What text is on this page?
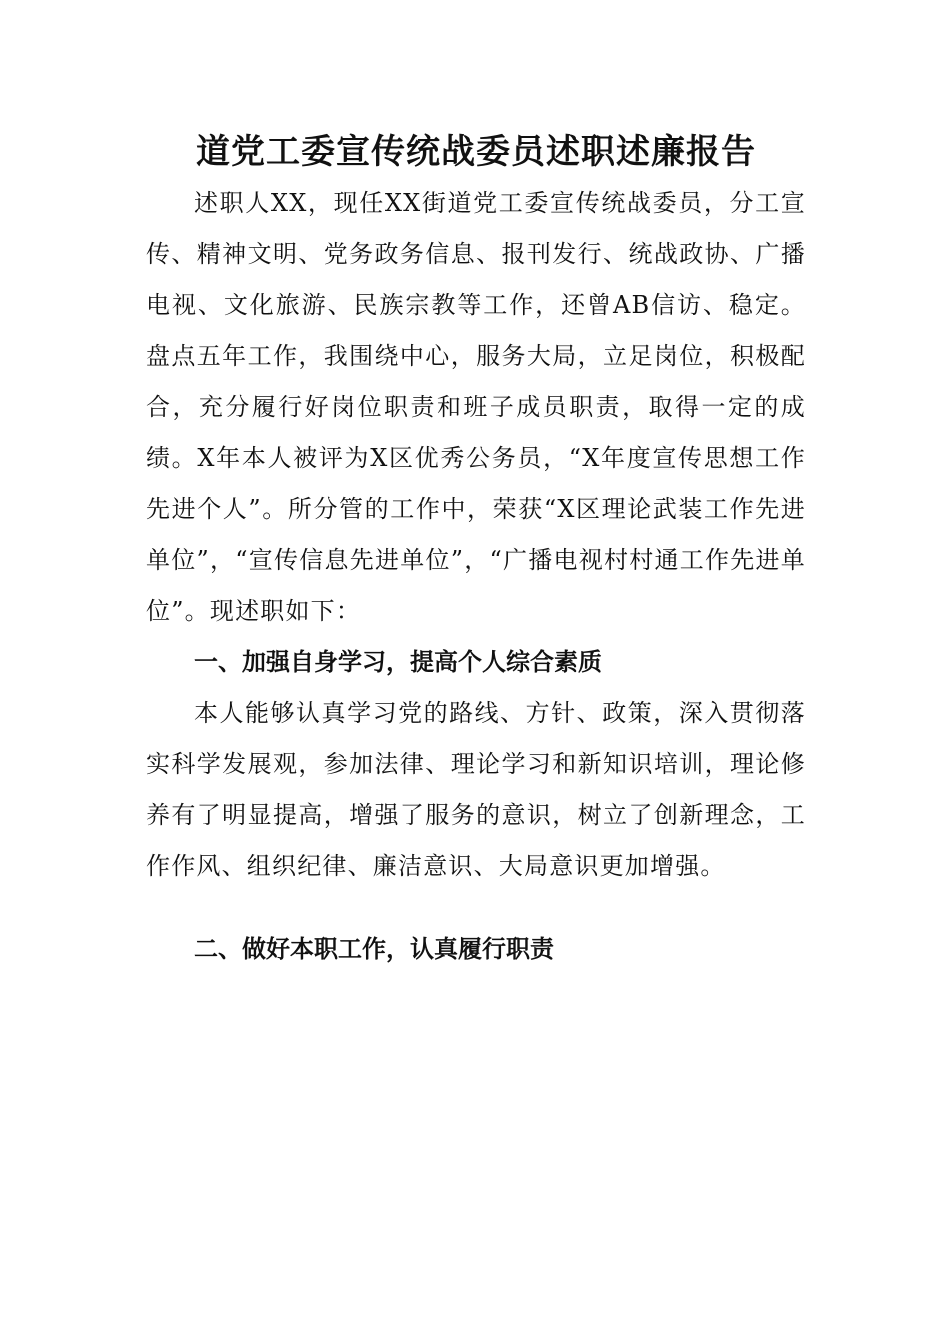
道党工委宣传统战委员述职述廉报告

述职人XX，现任XX街道党工委宣传统战委员，分工宣传、精神文明、党务政务信息、报刊发行、统战政协、广播电视、文化旅游、民族宗教等工作，还曾AB信访、稳定。盘点五年工作，我围绕中心，服务大局，立足岗位，积极配合，充分履行好岗位职责和班子成员职责，取得一定的成绩。X年本人被评为X区优秀公务员，“X年度宣传思想工作先进个人”。所分管的工作中，荣获“X区理论武装工作先进单位”，“宣传信息先进单位”，“广播电视村村通工作先进单位”。现述职如下：

一、加强自身学习，提高个人综合素质

本人能够认真学习党的路线、方针、政策，深入贯彻落实科学发展观，参加法律、理论学习和新知识培训，理论修养有了明显提高，增强了服务的意识，树立了创新理念，工作作风、组织纪律、廉洁意识、大局意识更加增强。

二、做好本职工作，认真履行职责
